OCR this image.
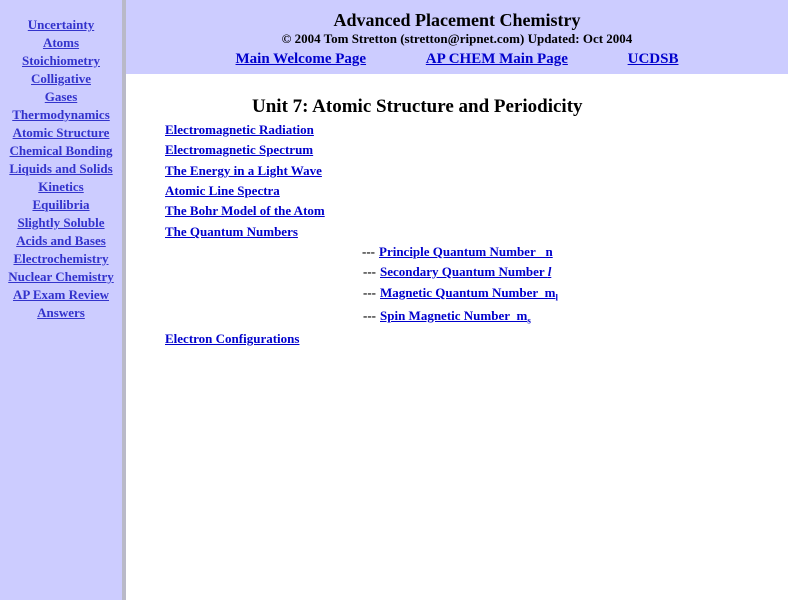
Uncertainty
Atoms
Stoichiometry
Colligative
Gases
Thermodynamics
Atomic Structure
Chemical Bonding
Liquids and Solids
Kinetics
Equilibria
Slightly Soluble
Acids and Bases
Electrochemistry
Nuclear Chemistry
AP Exam Review
Answers
Advanced Placement Chemistry
© 2004 Tom Stretton (stretton@ripnet.com) Updated: Oct 2004
Main Welcome Page	AP CHEM Main Page	UCDSB
Unit 7: Atomic Structure and Periodicity
Electromagnetic Radiation
Electromagnetic Spectrum
The Energy in a Light Wave
Atomic Line Spectra
The Bohr Model of the Atom
The Quantum Numbers
--- Principle Quantum Number_ n
--- Secondary Quantum Number l
--- Magnetic Quantum $Number\_m_l$
--- Spin Magnetic $Number\_m_s$
Electron Configurations
